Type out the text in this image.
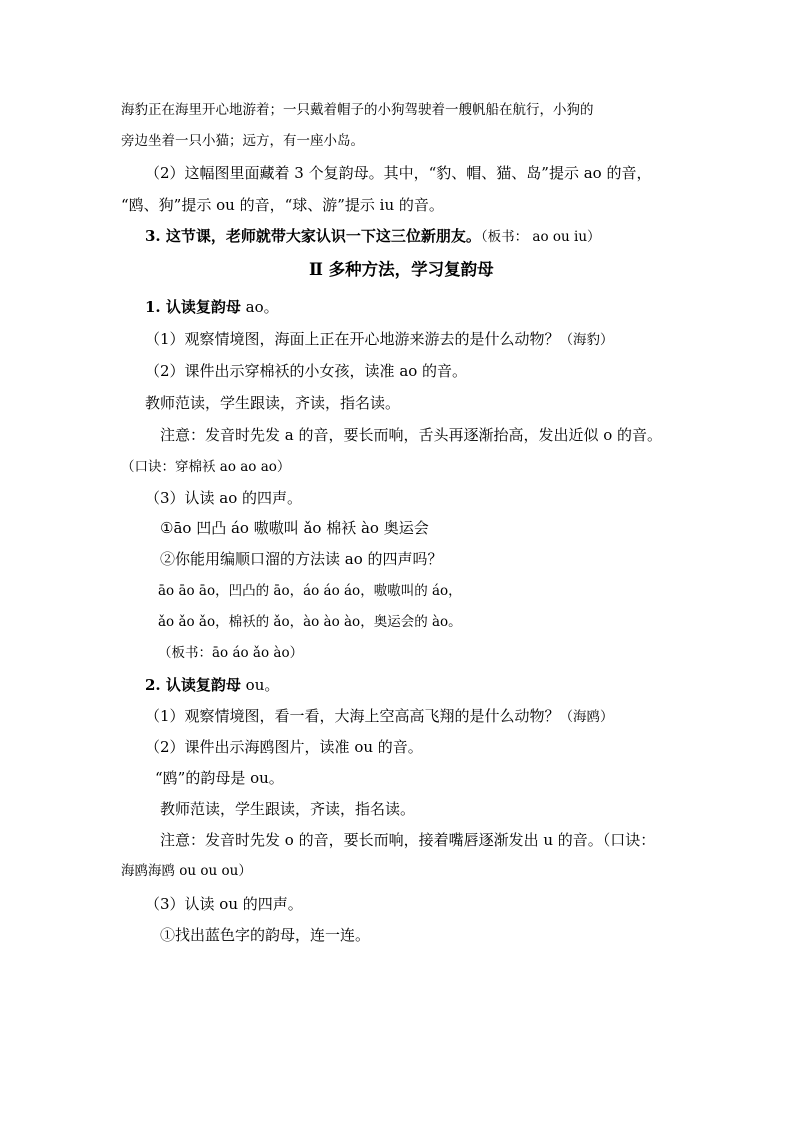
海豹正在海里开心地游着；一只戴着帽子的小狗驾驶着一艘帆船在航行，小狗的
旁边坐着一只小猫；远方，有一座小岛。
（2）这幅图里面藏着 3 个复韵母。其中，“豹、帽、猫、岛”提示 ao 的音，
“鸥、狗”提示 ou 的音，“球、游”提示 iu 的音。
3. 这节课，老师就带大家认识一下这三位新朋友。（板书： ao ou iu）
Ⅱ 多种方法，学习复韵母
1. 认读复韵母 ao。
（1）观察情境图，海面上正在开心地游来游去的是什么动物？（海豹）
（2）课件出示穿棉袄的小女孩，读准 ao 的音。
教师范读，学生跟读，齐读，指名读。
注意：发音时先发 a 的音，要长而响，舌头再逐渐抬高，发出近似 o 的音。
（口诀：穿棉袄 ao ao ao）
（3）认读 ao 的四声。
①āo 凹凸 áo 嗷嗷叫 ǎo 棉袄 ào 奥运会
②你能用编顺口溜的方法读 ao 的四声吗？
āo āo āo，凹凸的 āo，áo áo áo，嗷嗷叫的 áo，
ǎo ǎo ǎo，棉袄的 ǎo，ào ào ào，奥运会的 ào。
（板书：āo áo ǎo ào）
2. 认读复韵母 ou。
（1）观察情境图，看一看，大海上空高高飞翔的是什么动物？（海鸥）
（2）课件出示海鸥图片，读准 ou 的音。
“鸥”的韵母是 ou。
教师范读，学生跟读，齐读，指名读。
注意：发音时先发 o 的音，要长而响，接着嘴唇逐渐发出 u 的音。（口诀：
海鸥海鸥 ou ou ou）
（3）认读 ou 的四声。
①找出蓝色字的韵母，连一连。
